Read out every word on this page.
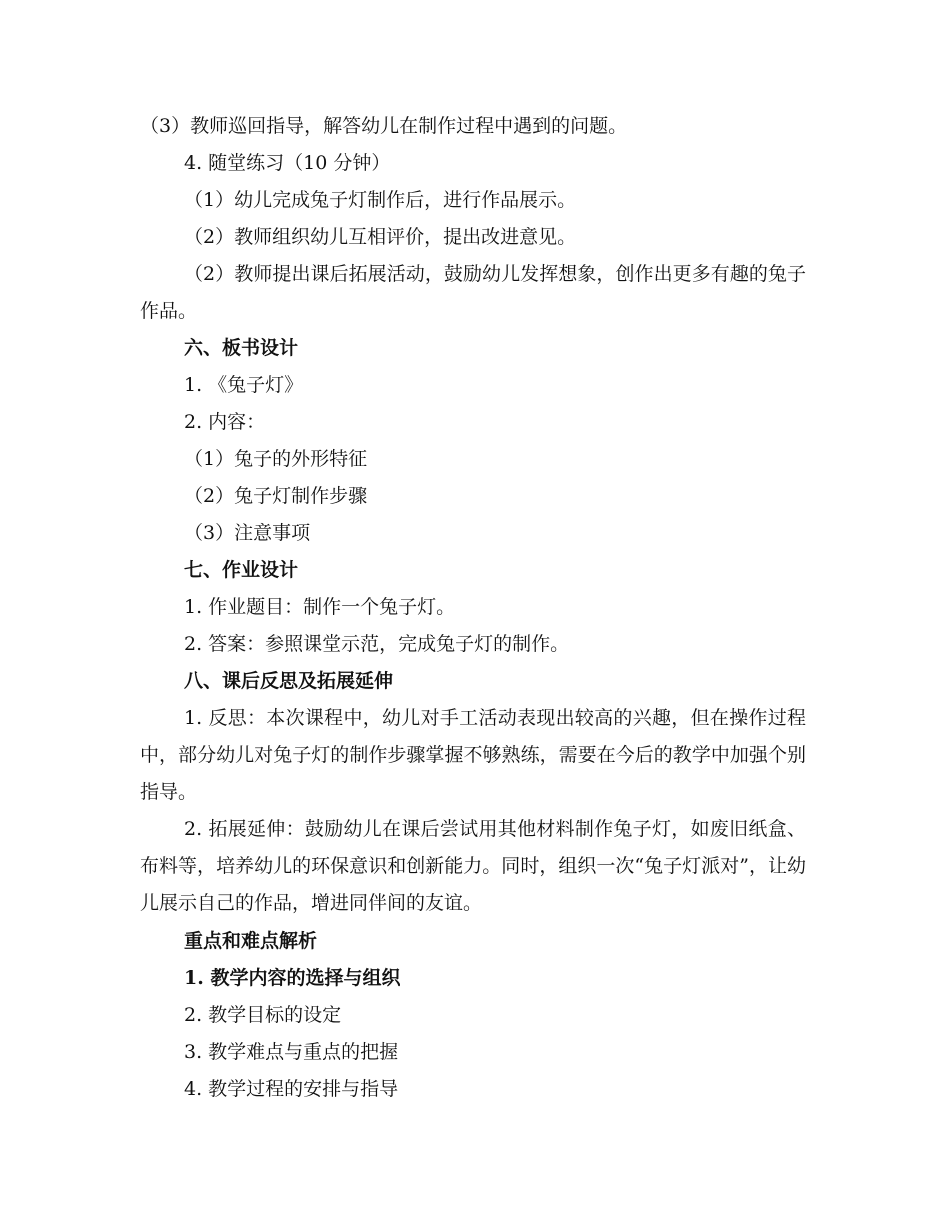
（3）教师巡回指导，解答幼儿在制作过程中遇到的问题。
4. 随堂练习（10 分钟）
（1）幼儿完成兔子灯制作后，进行作品展示。
（2）教师组织幼儿互相评价，提出改进意见。
（2）教师提出课后拓展活动，鼓励幼儿发挥想象，创作出更多有趣的兔子作品。
六、板书设计
1. 《兔子灯》
2. 内容：
（1）兔子的外形特征
（2）兔子灯制作步骤
（3）注意事项
七、作业设计
1. 作业题目：制作一个兔子灯。
2. 答案：参照课堂示范，完成兔子灯的制作。
八、课后反思及拓展延伸
1. 反思：本次课程中，幼儿对手工活动表现出较高的兴趣，但在操作过程中，部分幼儿对兔子灯的制作步骤掌握不够熟练，需要在今后的教学中加强个别指导。
2. 拓展延伸：鼓励幼儿在课后尝试用其他材料制作兔子灯，如废旧纸盒、布料等，培养幼儿的环保意识和创新能力。同时，组织一次“兔子灯派对”，让幼儿展示自己的作品，增进同伴间的友谊。
重点和难点解析
1. 教学内容的选择与组织
2. 教学目标的设定
3. 教学难点与重点的把握
4. 教学过程的安排与指导
